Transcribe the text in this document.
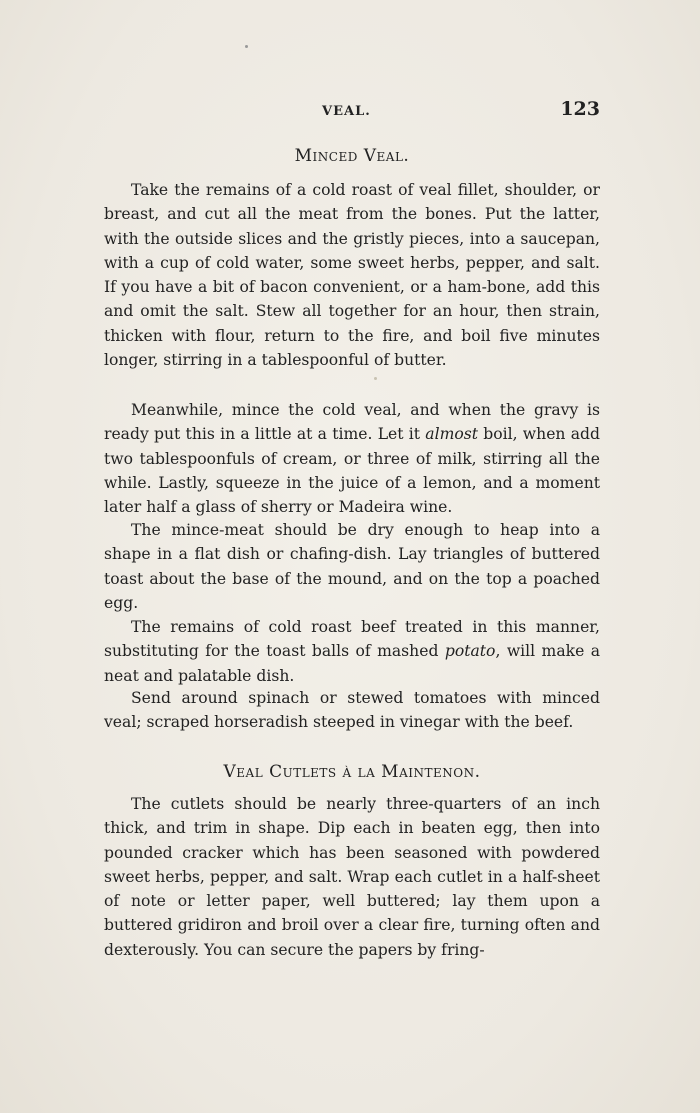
VEAL.	123
Minced Veal.

Take the remains of a cold roast of veal fillet, shoulder, or breast, and cut all the meat from the bones. Put the latter, with the outside slices and the gristly pieces, into a saucepan, with a cup of cold water, some sweet herbs, pepper, and salt. If you have a bit of bacon convenient, or a ham-bone, add this and omit the salt. Stew all together for an hour, then strain, thicken with flour, return to the fire, and boil five minutes longer, stirring in a tablespoonful of butter.

Meanwhile, mince the cold veal, and when the gravy is ready put this in a little at a time. Let it almost boil, when add two tablespoonfuls of cream, or three of milk, stirring all the while. Lastly, squeeze in the juice of a lemon, and a moment later half a glass of sherry or Madeira wine.

The mince-meat should be dry enough to heap into a shape in a flat dish or chafing-dish. Lay triangles of buttered toast about the base of the mound, and on the top a poached egg.

The remains of cold roast beef treated in this manner, substituting for the toast balls of mashed potato, will make a neat and palatable dish.

Send around spinach or stewed tomatoes with minced veal; scraped horseradish steeped in vinegar with the beef.

Veal Cutlets à la Maintenon.

The cutlets should be nearly three-quarters of an inch thick, and trim in shape. Dip each in beaten egg, then into pounded cracker which has been seasoned with powdered sweet herbs, pepper, and salt. Wrap each cutlet in a half-sheet of note or letter paper, well buttered; lay them upon a buttered gridiron and broil over a clear fire, turning often and dexterously. You can secure the papers by fring-
